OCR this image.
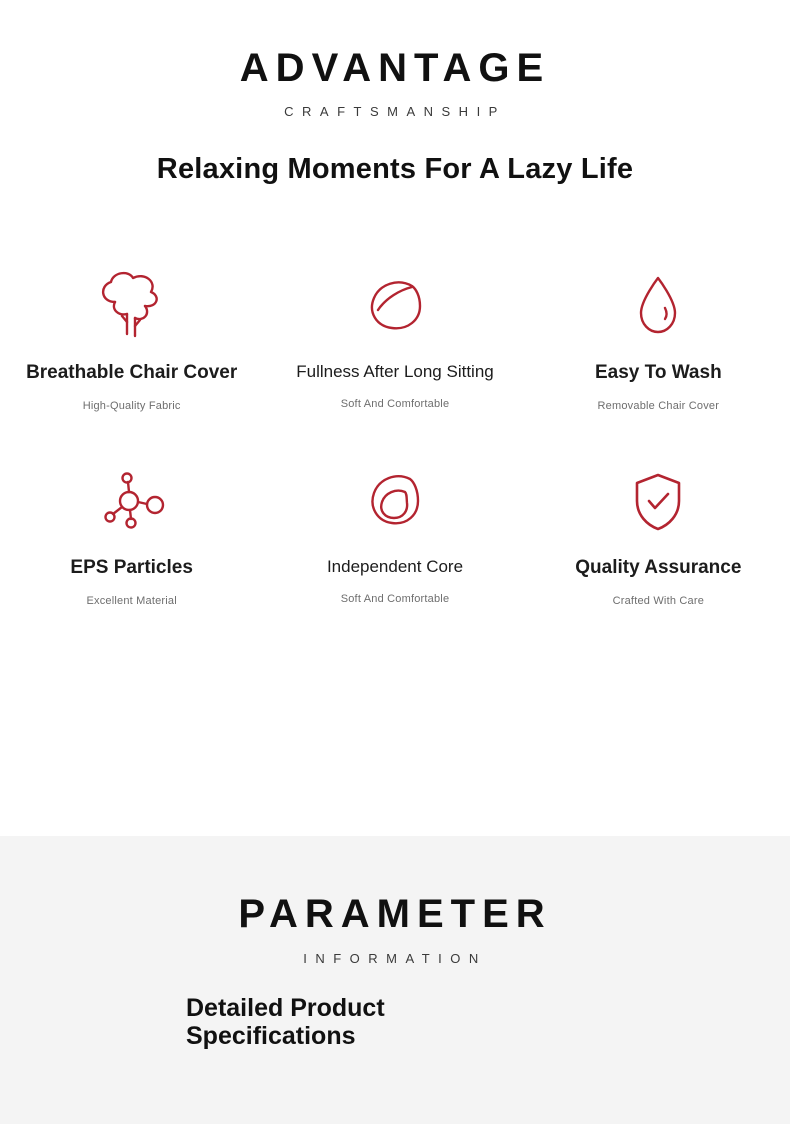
ADVANTAGE
CRAFTSMANSHIP
Relaxing Moments For A Lazy Life
Breathable Chair Cover
High-Quality Fabric
Fullness After Long Sitting
Soft And Comfortable
Easy To Wash
Removable Chair Cover
EPS Particles
Excellent Material
Independent Core
Soft And Comfortable
Quality Assurance
Crafted With Care
PARAMETER
INFORMATION
Detailed Product Specifications
